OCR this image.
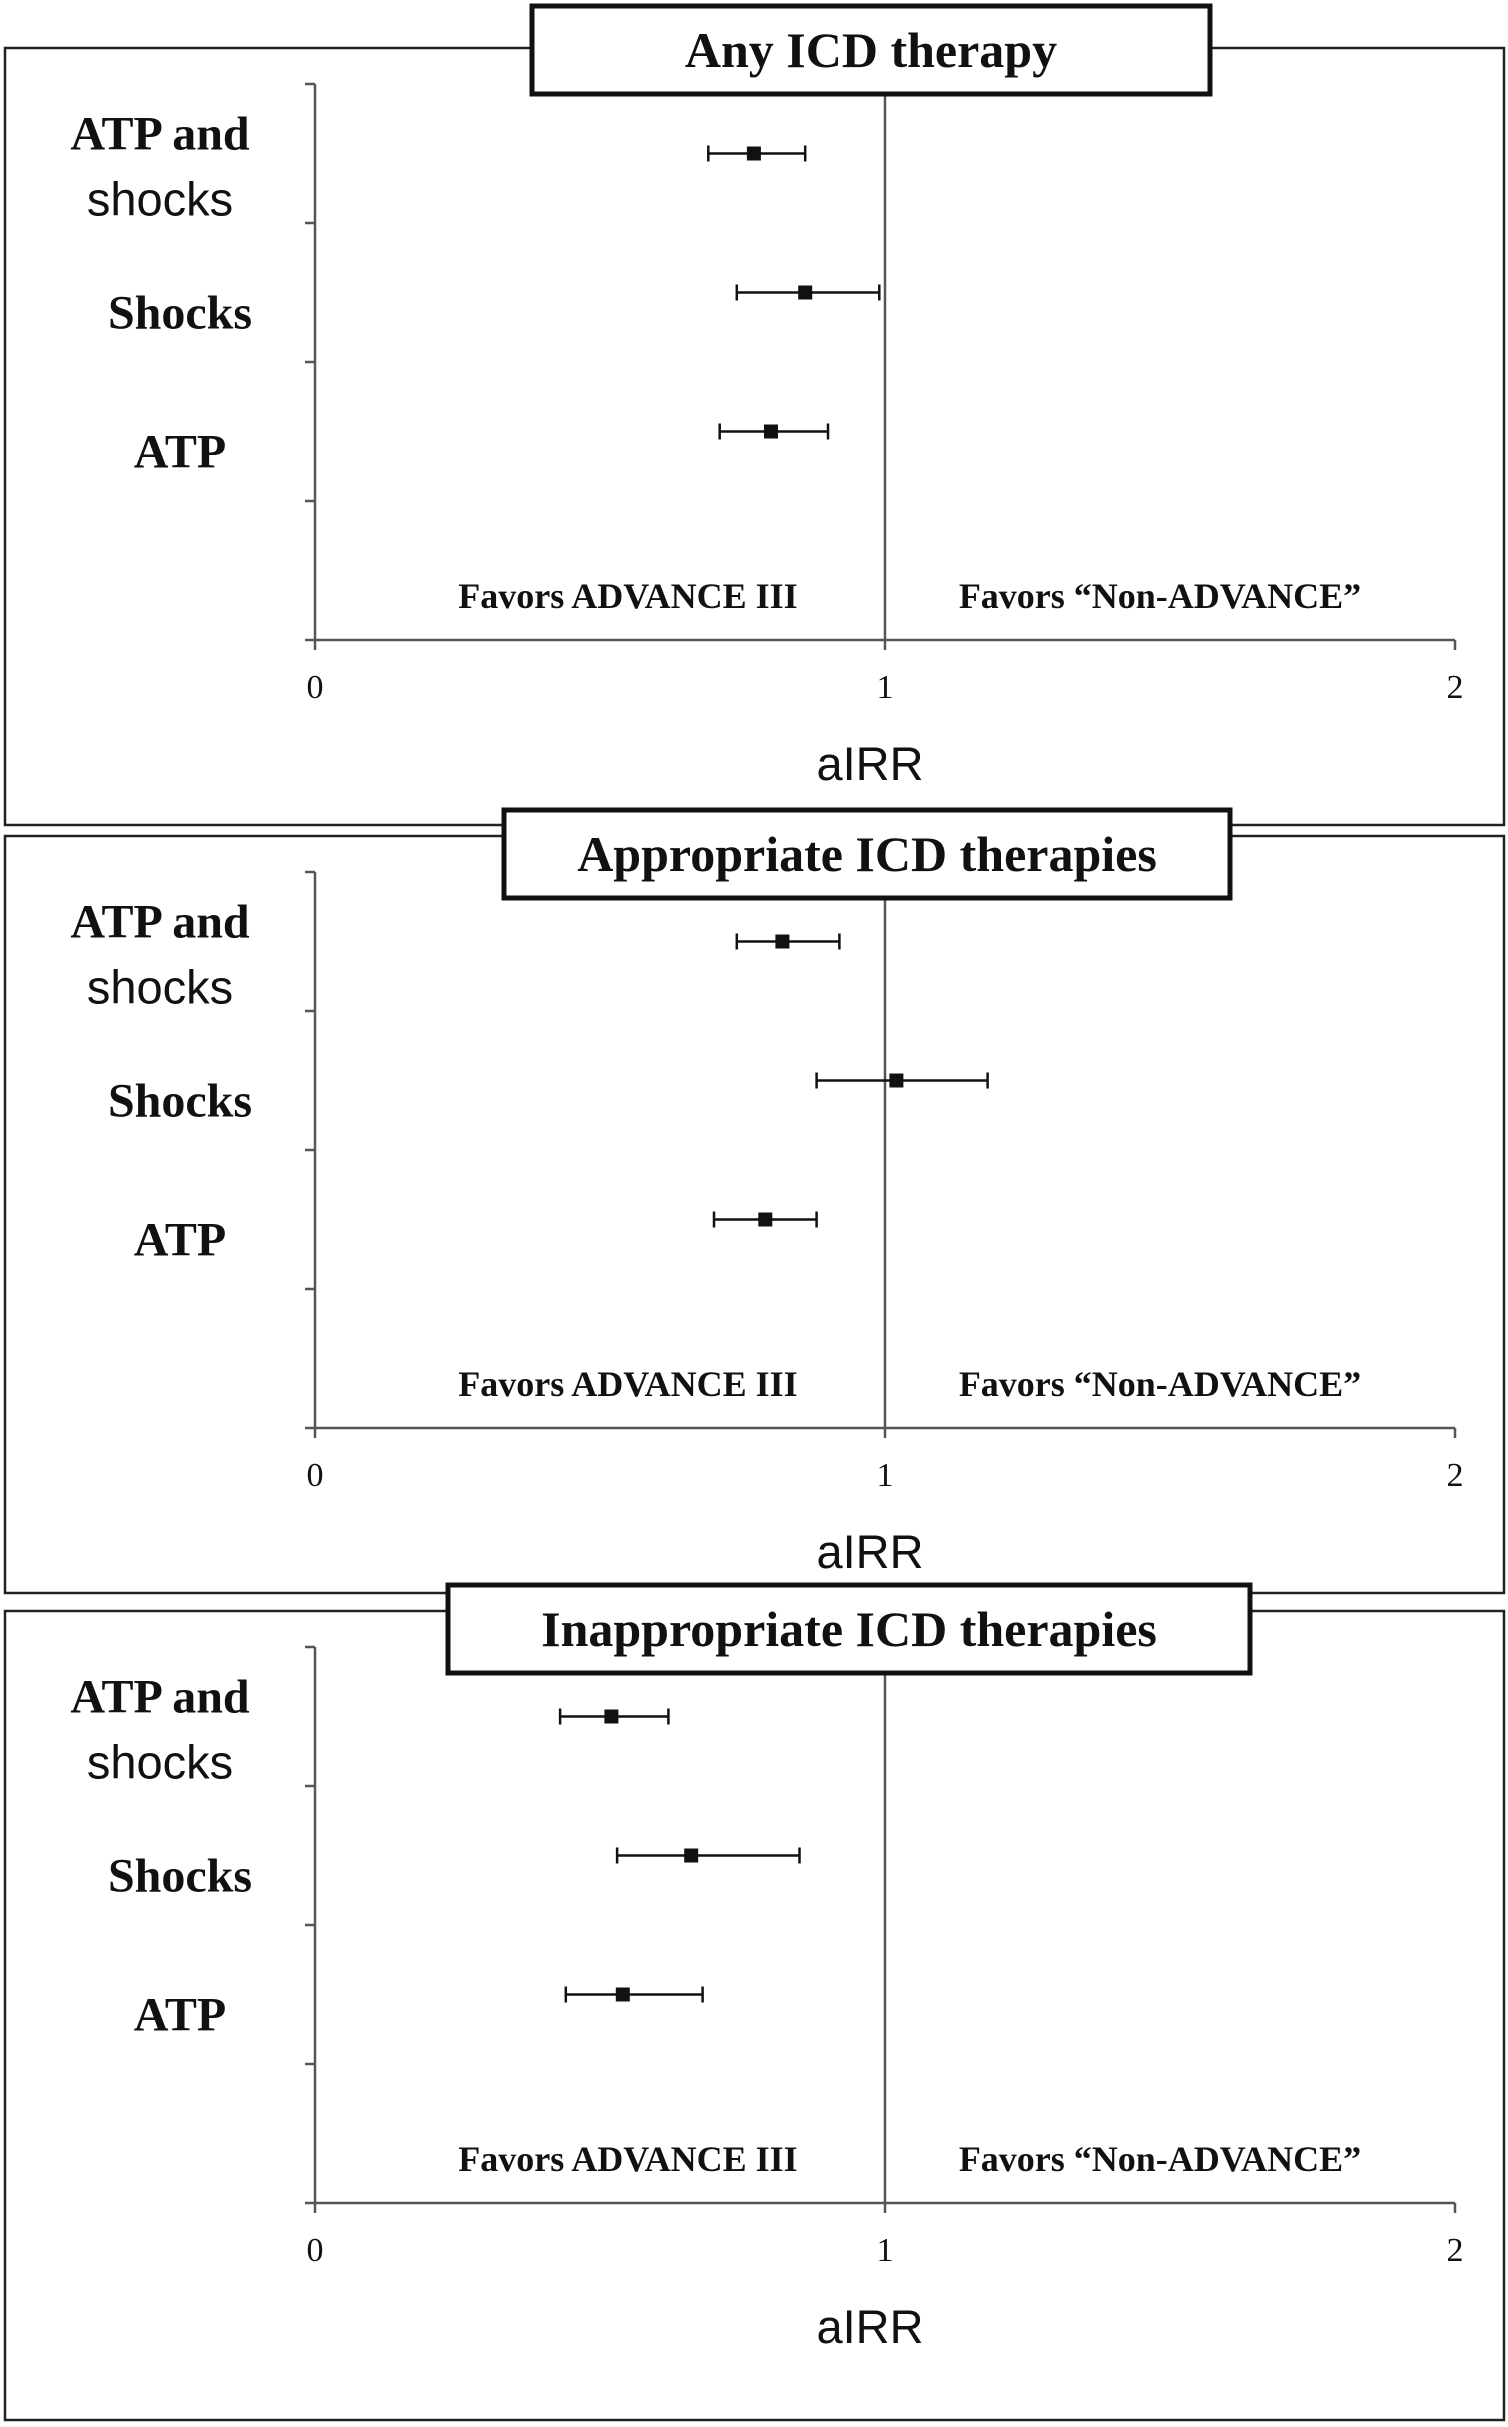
0	1	2
aIRR
Favors ADVANCE III	Favors “Non-ADVANCE”
ATP and
shocks
Shocks
ATP
Any ICD therapy
0	1	2
aIRR
Favors ADVANCE III	Favors “Non-ADVANCE”
ATP and
shocks
Shocks
ATP
Appropriate ICD therapies
0	1	2
aIRR
Favors ADVANCE III	Favors “Non-ADVANCE”
ATP and
shocks
Shocks
ATP
Inappropriate ICD therapies
